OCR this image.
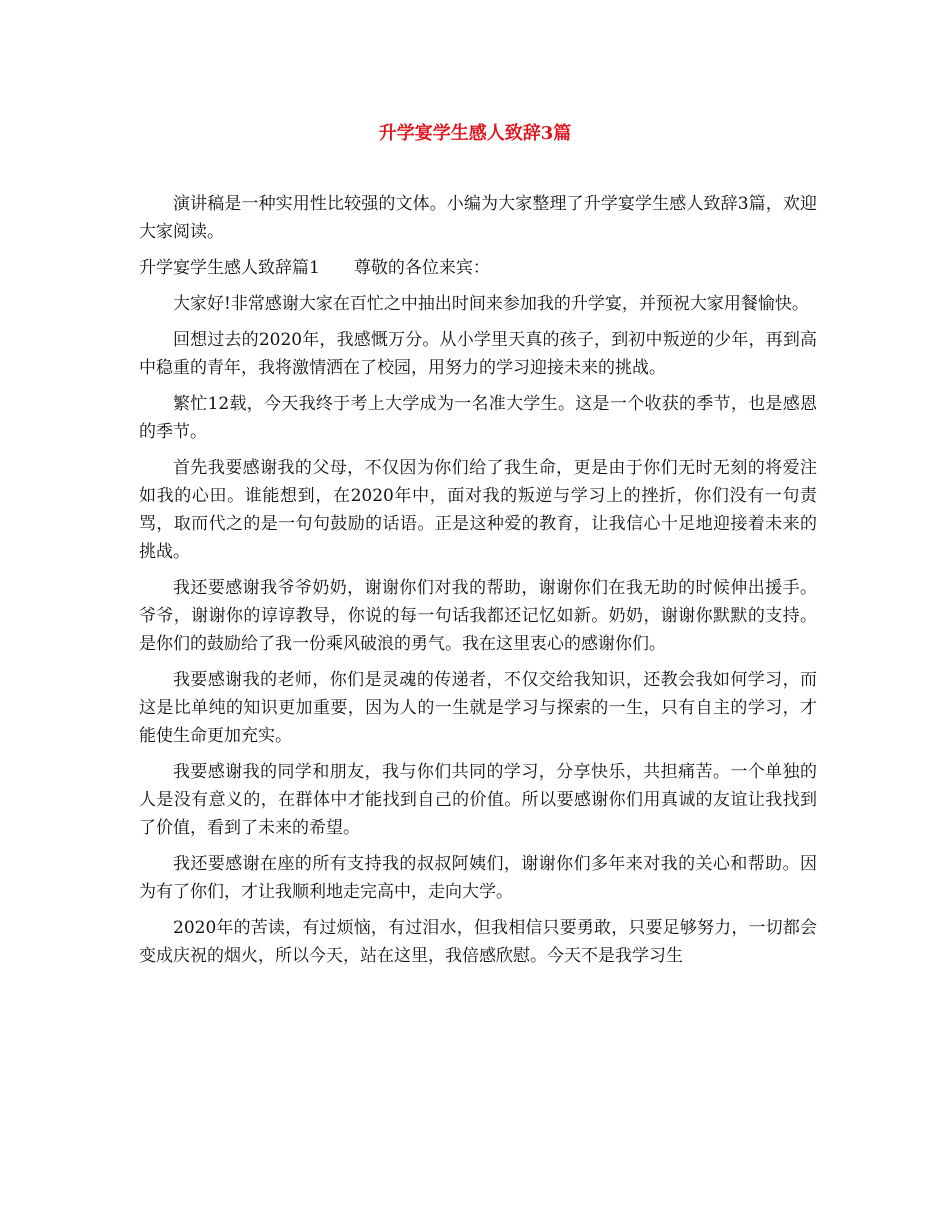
升学宴学生感人致辞3篇

演讲稿是一种实用性比较强的文体。小编为大家整理了升学宴学生感人致辞3篇，欢迎大家阅读。

升学宴学生感人致辞篇1 尊敬的各位来宾：

大家好!非常感谢大家在百忙之中抽出时间来参加我的升学宴，并预祝大家用餐愉快。

回想过去的2020年，我感慨万分。从小学里天真的孩子，到初中叛逆的少年，再到高中稳重的青年，我将激情洒在了校园，用努力的学习迎接未来的挑战。

繁忙12载，今天我终于考上大学成为一名准大学生。这是一个收获的季节，也是感恩的季节。

首先我要感谢我的父母，不仅因为你们给了我生命，更是由于你们无时无刻的将爱注如我的心田。谁能想到，在2020年中，面对我的叛逆与学习上的挫折，你们没有一句责骂，取而代之的是一句句鼓励的话语。正是这种爱的教育，让我信心十足地迎接着未来的挑战。

我还要感谢我爷爷奶奶，谢谢你们对我的帮助，谢谢你们在我无助的时候伸出援手。爷爷，谢谢你的谆谆教导，你说的每一句话我都还记忆如新。奶奶，谢谢你默默的支持。是你们的鼓励给了我一份乘风破浪的勇气。我在这里衷心的感谢你们。

我要感谢我的老师，你们是灵魂的传递者，不仅交给我知识，还教会我如何学习，而这是比单纯的知识更加重要，因为人的一生就是学习与探索的一生，只有自主的学习，才能使生命更加充实。

我要感谢我的同学和朋友，我与你们共同的学习，分享快乐，共担痛苦。一个单独的人是没有意义的，在群体中才能找到自己的价值。所以要感谢你们用真诚的友谊让我找到了价值，看到了未来的希望。

我还要感谢在座的所有支持我的叔叔阿姨们，谢谢你们多年来对我的关心和帮助。因为有了你们，才让我顺利地走完高中，走向大学。

2020年的苦读，有过烦恼，有过泪水，但我相信只要勇敢，只要足够努力，一切都会变成庆祝的烟火，所以今天，站在这里，我倍感欣慰。今天不是我学习生
